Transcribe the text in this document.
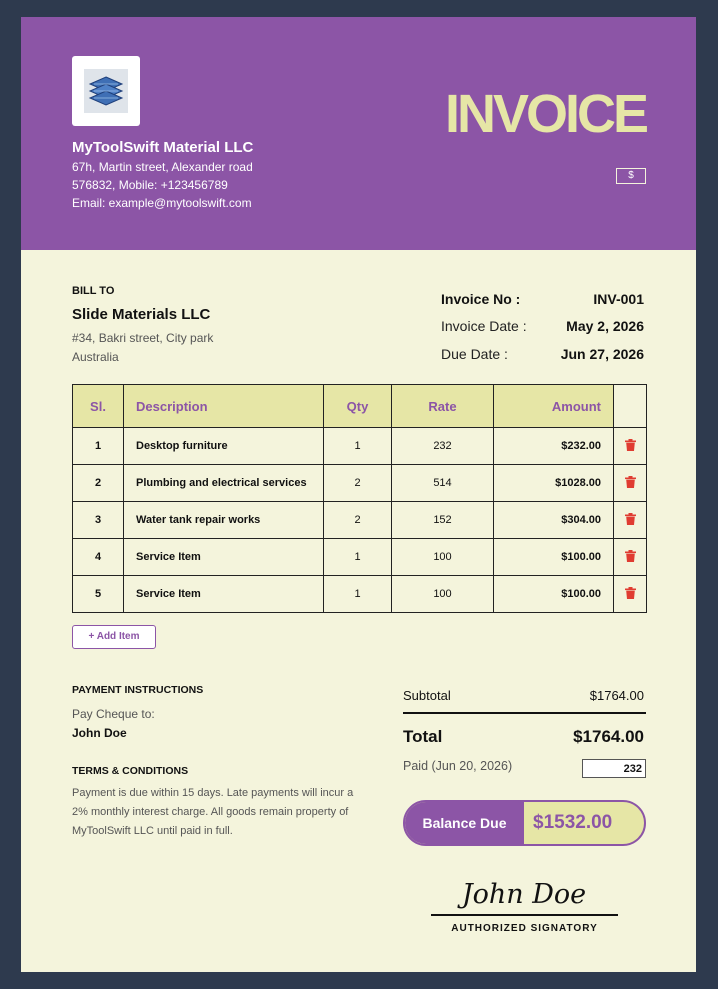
MyToolSwift Material LLC
67h, Martin street, Alexander road
576832, Mobile: +123456789
Email: example@mytoolswift.com
INVOICE
$
BILL TO
Slide Materials LLC
#34, Bakri street, City park
Australia
Invoice No :	INV-001
Invoice Date :	May 2, 2026
Due Date :	Jun 27, 2026
Sl.	Description	Qty	Rate	Amount	
1	Desktop furniture	1	232	$232.00	
2	Plumbing and electrical services	2	514	$1028.00	
3	Water tank repair works	2	152	$304.00	
4	Service Item	1	100	$100.00	
5	Service Item	1	100	$100.00	
+ Add Item
PAYMENT INSTRUCTIONS
Pay Cheque to:
John Doe
TERMS & CONDITIONS
Payment is due within 15 days. Late payments will incur a 2% monthly interest charge. All goods remain property of MyToolSwift LLC until paid in full.
Subtotal	$1764.00
Total	$1764.00
Paid (Jun 20, 2026)
232
Balance Due	$1532.00
John Doe
AUTHORIZED SIGNATORY
